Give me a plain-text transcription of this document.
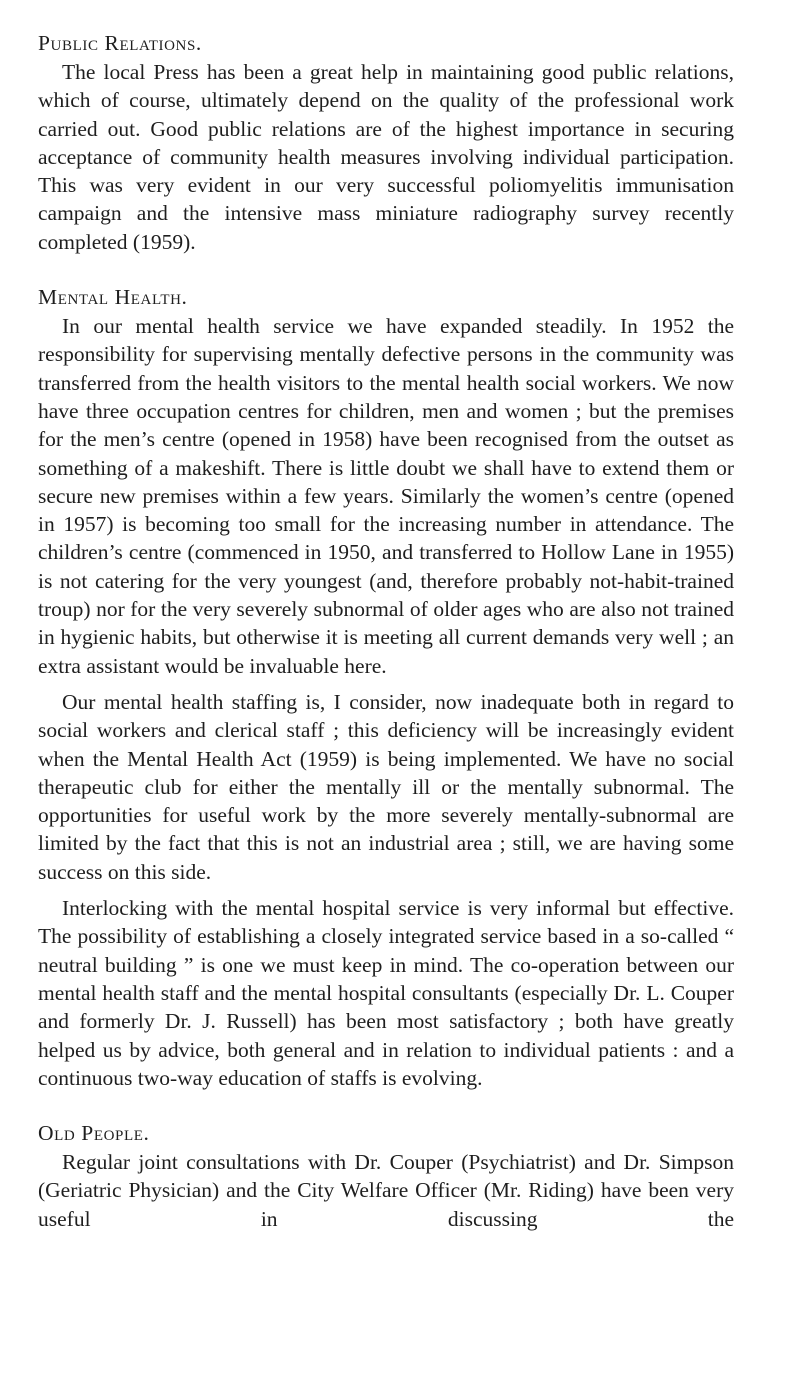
Public Relations.

The local Press has been a great help in maintaining good public relations, which of course, ultimately depend on the quality of the professional work carried out. Good public relations are of the highest importance in securing acceptance of community health measures involving individual participation. This was very evident in our very successful poliomyelitis immunisation campaign and the intensive mass miniature radiography survey recently completed (1959).

Mental Health.

In our mental health service we have expanded steadily. In 1952 the responsibility for supervising mentally defective persons in the community was transferred from the health visitors to the mental health social workers. We now have three occupation centres for children, men and women ; but the premises for the men’s centre (opened in 1958) have been recognised from the outset as something of a makeshift. There is little doubt we shall have to extend them or secure new premises within a few years. Similarly the women’s centre (opened in 1957) is becoming too small for the increasing number in attendance. The children’s centre (commenced in 1950, and transferred to Hollow Lane in 1955) is not catering for the very youngest (and, therefore probably not-habit-trained troup) nor for the very severely subnormal of older ages who are also not trained in hygienic habits, but otherwise it is meeting all current demands very well ; an extra assistant would be invaluable here.

Our mental health staffing is, I consider, now inadequate both in regard to social workers and clerical staff ; this deficiency will be increasingly evident when the Mental Health Act (1959) is being implemented. We have no social therapeutic club for either the mentally ill or the mentally subnormal. The opportunities for useful work by the more severely mentally-subnormal are limited by the fact that this is not an industrial area ; still, we are having some success on this side.

Interlocking with the mental hospital service is very informal but effective. The possibility of establishing a closely integrated service based in a so-called “ neutral building ” is one we must keep in mind. The co-operation between our mental health staff and the mental hospital consultants (especially Dr. L. Couper and formerly Dr. J. Russell) has been most satisfactory ; both have greatly helped us by advice, both general and in relation to individual patients : and a continuous two-way education of staffs is evolving.

Old People.

Regular joint consultations with Dr. Couper (Psychiatrist) and Dr. Simpson (Geriatric Physician) and the City Welfare Officer (Mr. Riding) have been very useful in discussing the
